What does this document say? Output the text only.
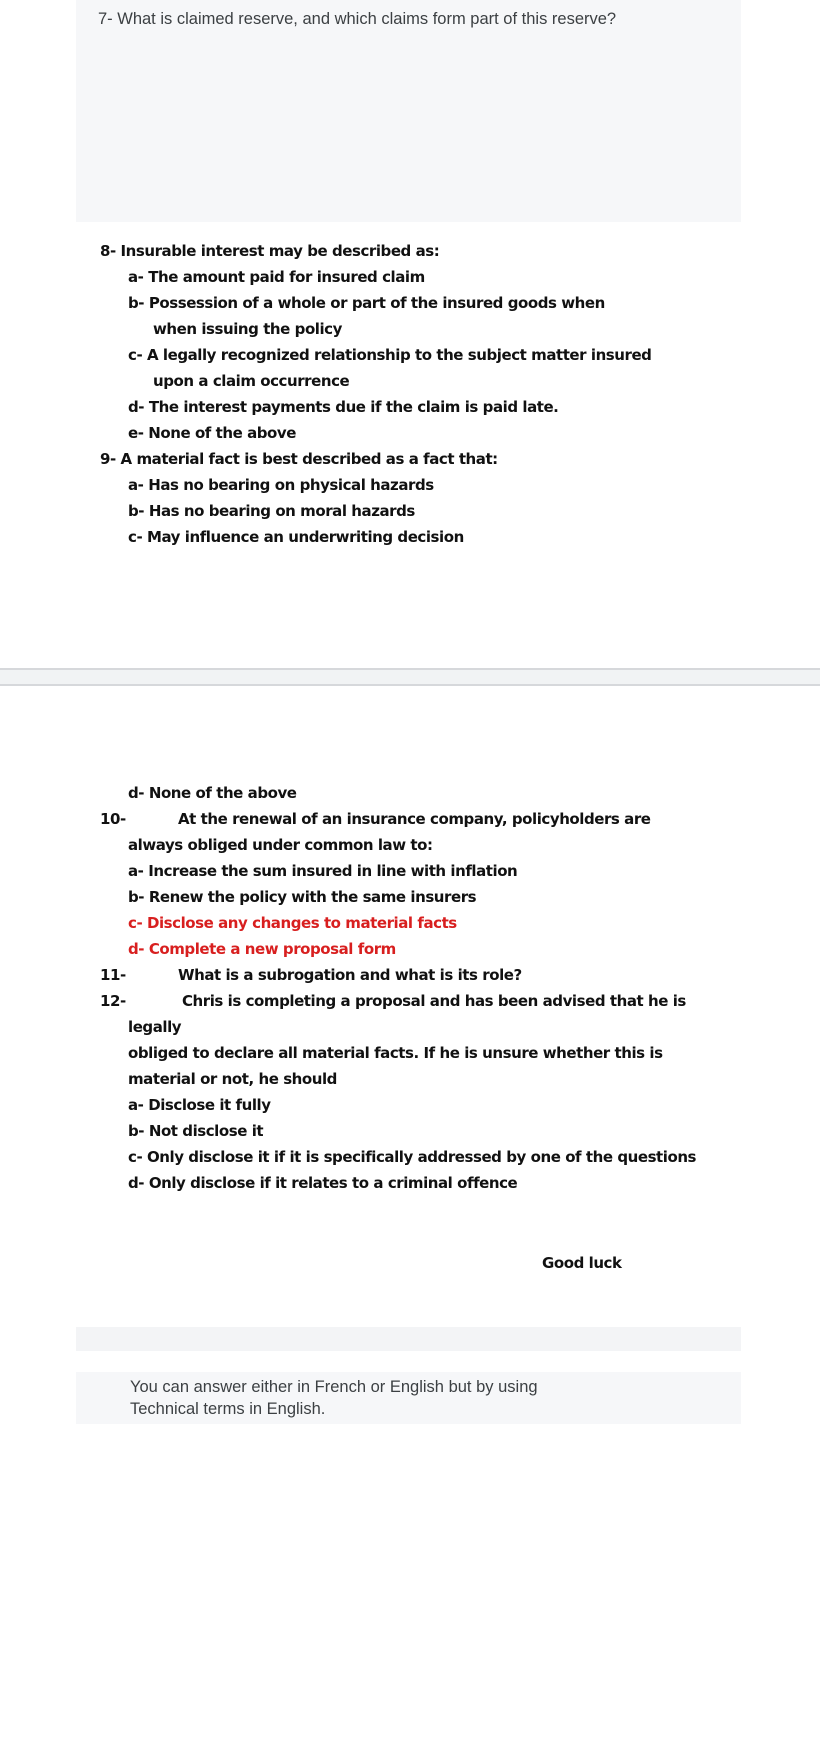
7- What is claimed reserve, and which claims form part of this reserve?
8- Insurable interest may be described as:
a- The amount paid for insured claim
b- Possession of a whole or part of the insured goods when
when issuing the policy
c- A legally recognized relationship to the subject matter insured
upon a claim occurrence
d- The interest payments due if the claim is paid late.
e- None of the above
9- A material fact is best described as a fact that:
a- Has no bearing on physical hazards
b- Has no bearing on moral hazards
c- May influence an underwriting decision
d- None of the above
10-	At the renewal of an insurance company, policyholders are
always obliged under common law to:
a- Increase the sum insured in line with inflation
b- Renew the policy with the same insurers
c- Disclose any changes to material facts
d- Complete a new proposal form
11-	What is a subrogation and what is its role?
12-	Chris is completing a proposal and has been advised that he is
legally
obliged to declare all material facts. If he is unsure whether this is
material or not, he should
a- Disclose it fully
b- Not disclose it
c- Only disclose it if it is specifically addressed by one of the questions
d- Only disclose if it relates to a criminal offence
Good luck
You can answer either in French or English but by using
Technical terms in English.
